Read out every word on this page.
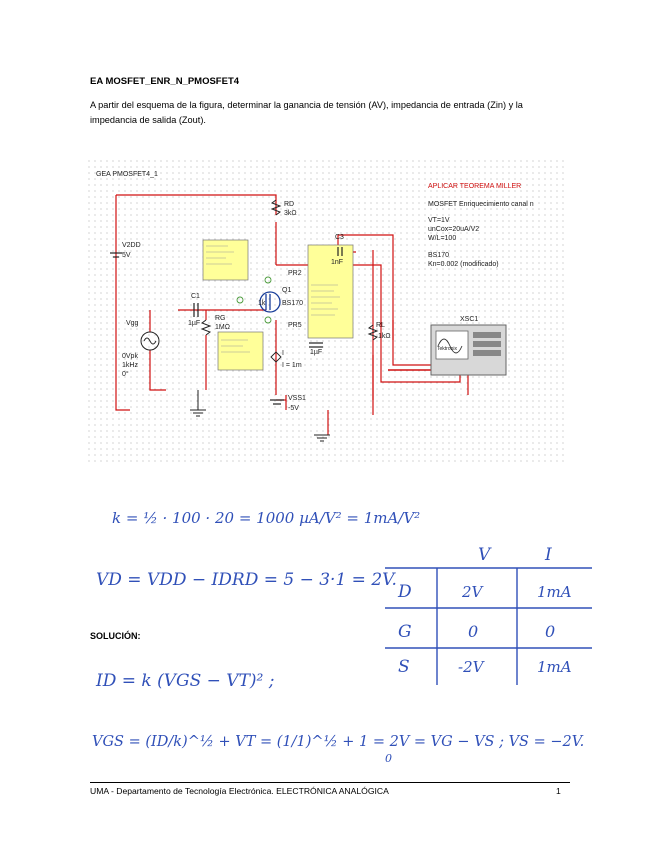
EA MOSFET_ENR_N_PMOSFET4
A partir del esquema de la figura, determinar la ganancia de tensión (AV), impedancia de entrada (Zin) y la impedancia de salida (Zout).
GEA PMOSFET4_1
APLICAR TEOREMA MILLER
MOSFET Enriquecimiento canal n
VT=1V
unCox=20uA/V2
W/L=100
BS170
Kn=0.002 (modificado)
RD
3kΩ
V2DD
5V
C1
1µF
RG
1MΩ
Vgg
0Vpk
1kHz
0°
Q1
BS170
1k
PR2
PR5
I
I = 1m
C3
1nF
1µF
RL
1kΩ
Tektronix
XSC1
VSS1
-5V
k = ½ · 100 · 20 = 1000 µA/V² = 1mA/V²
VD = VDD − IDRD = 5 − 3·1 = 2V.
ID = k (VGS − VT)² ;
VGS = (ID/k)^½ + VT = (1/1)^½ + 1 = 2V = VG − VS ; VS = −2V.
0
V	I
D	2V	1mA
G	0	0
S	-2V	1mA
SOLUCIÓN:
UMA - Departamento de Tecnología Electrónica. ELECTRÓNICA ANALÓGICA	1
